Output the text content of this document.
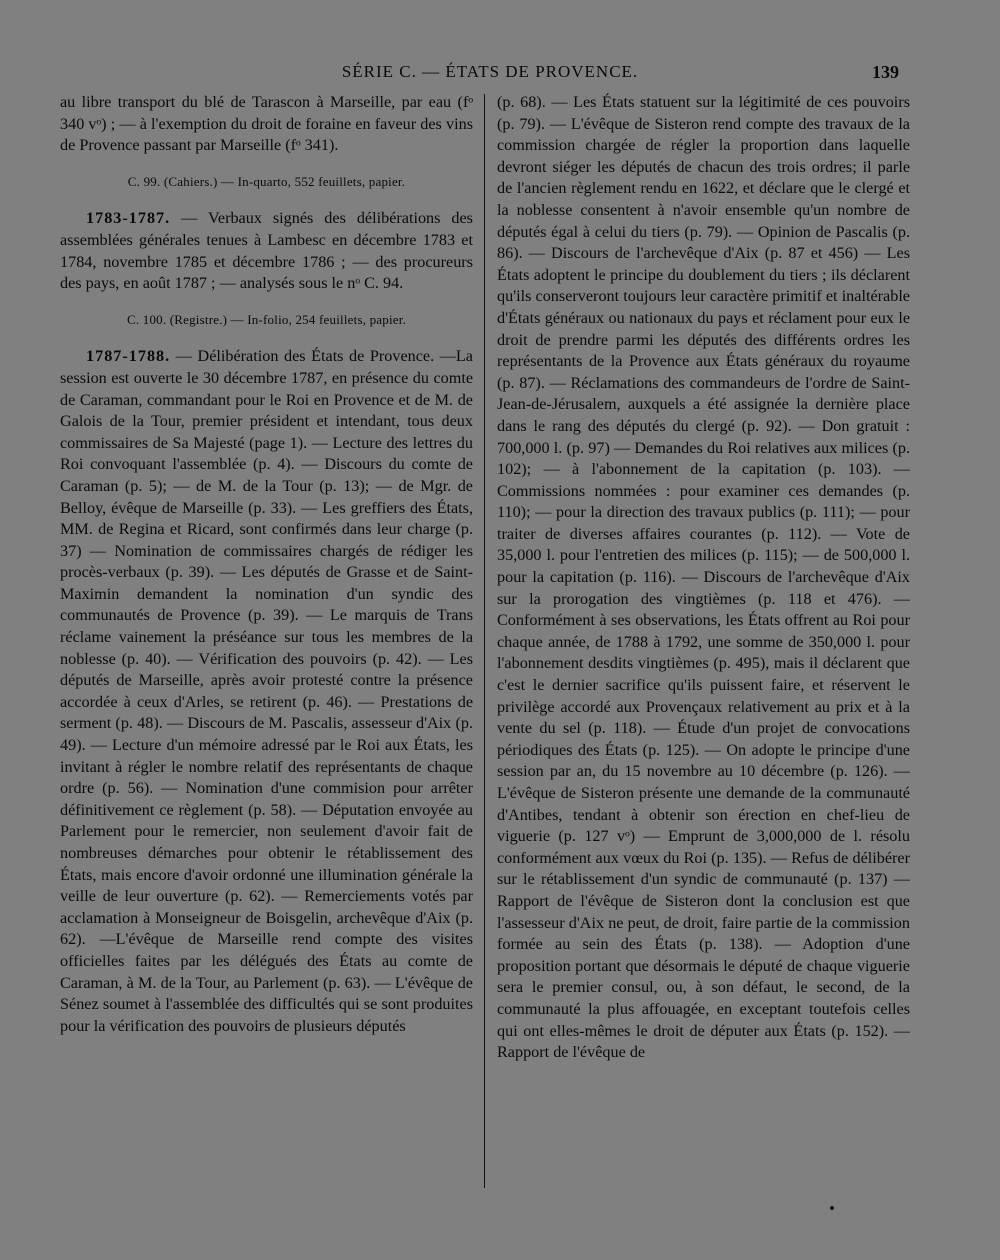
SÉRIE C. — ÉTATS DE PROVENCE.	139

au libre transport du blé de Tarascon à Marseille, par eau (fᵒ 340 vᵒ) ; — à l'exemption du droit de foraine en faveur des vins de Provence passant par Marseille (fᵒ 341).

C. 99. (Cahiers.) — In-quarto, 552 feuillets, papier.

1783-1787. — Verbaux signés des délibérations des assemblées générales tenues à Lambesc en décembre 1783 et 1784, novembre 1785 et décembre 1786 ; — des procureurs des pays, en août 1787 ; — analysés sous le nᵒ C. 94.

C. 100. (Registre.) — In-folio, 254 feuillets, papier.

1787-1788. — Délibération des États de Provence. —La session est ouverte le 30 décembre 1787, en présence du comte de Caraman, commandant pour le Roi en Provence et de M. de Galois de la Tour, premier président et intendant, tous deux commissaires de Sa Majesté (page 1). — Lecture des lettres du Roi convoquant l'assemblée (p. 4). — Discours du comte de Caraman (p. 5); — de M. de la Tour (p. 13); — de Mgr. de Belloy, évêque de Marseille (p. 33). — Les greffiers des États, MM. de Regina et Ricard, sont confirmés dans leur charge (p. 37) — Nomination de commissaires chargés de rédiger les procès-verbaux (p. 39). — Les députés de Grasse et de Saint-Maximin demandent la nomination d'un syndic des communautés de Provence (p. 39). — Le marquis de Trans réclame vainement la préséance sur tous les membres de la noblesse (p. 40). — Vérification des pouvoirs (p. 42). — Les députés de Marseille, après avoir protesté contre la présence accordée à ceux d'Arles, se retirent (p. 46). — Prestations de serment (p. 48). — Discours de M. Pascalis, assesseur d'Aix (p. 49). — Lecture d'un mémoire adressé par le Roi aux États, les invitant à régler le nombre relatif des représentants de chaque ordre (p. 56). — Nomination d'une commision pour arrêter définitivement ce règlement (p. 58). — Députation envoyée au Parlement pour le remercier, non seulement d'avoir fait de nombreuses démarches pour obtenir le rétablissement des États, mais encore d'avoir ordonné une illumination générale la veille de leur ouverture (p. 62). — Remerciements votés par acclamation à Monseigneur de Boisgelin, archevêque d'Aix (p. 62). —L'évêque de Marseille rend compte des visites officielles faites par les délégués des États au comte de Caraman, à M. de la Tour, au Parlement (p. 63). — L'évêque de Sénez soumet à l'assemblée des difficultés qui se sont produites pour la vérification des pouvoirs de plusieurs députés

(p. 68). — Les États statuent sur la légitimité de ces pouvoirs (p. 79). — L'évêque de Sisteron rend compte des travaux de la commission chargée de régler la proportion dans laquelle devront siéger les députés de chacun des trois ordres; il parle de l'ancien règlement rendu en 1622, et déclare que le clergé et la noblesse consentent à n'avoir ensemble qu'un nombre de députés égal à celui du tiers (p. 79). — Opinion de Pascalis (p. 86). — Discours de l'archevêque d'Aix (p. 87 et 456) — Les États adoptent le principe du doublement du tiers ; ils déclarent qu'ils conserveront toujours leur caractère primitif et inaltérable d'États généraux ou nationaux du pays et réclament pour eux le droit de prendre parmi les députés des différents ordres les représentants de la Provence aux États généraux du royaume (p. 87). — Réclamations des commandeurs de l'ordre de Saint-Jean-de-Jérusalem, auxquels a été assignée la dernière place dans le rang des députés du clergé (p. 92). — Don gratuit : 700,000 l. (p. 97) — Demandes du Roi relatives aux milices (p. 102); — à l'abonnement de la capitation (p. 103). — Commissions nommées : pour examiner ces demandes (p. 110); — pour la direction des travaux publics (p. 111); — pour traiter de diverses affaires courantes (p. 112). — Vote de 35,000 l. pour l'entretien des milices (p. 115); — de 500,000 l. pour la capitation (p. 116). — Discours de l'archevêque d'Aix sur la prorogation des vingtièmes (p. 118 et 476). — Conformément à ses observations, les États offrent au Roi pour chaque année, de 1788 à 1792, une somme de 350,000 l. pour l'abonnement desdits vingtièmes (p. 495), mais il déclarent que c'est le dernier sacrifice qu'ils puissent faire, et réservent le privilège accordé aux Provençaux relativement au prix et à la vente du sel (p. 118). — Étude d'un projet de convocations périodiques des États (p. 125). — On adopte le principe d'une session par an, du 15 novembre au 10 décembre (p. 126). — L'évêque de Sisteron présente une demande de la communauté d'Antibes, tendant à obtenir son érection en chef-lieu de viguerie (p. 127 vᵒ) — Emprunt de 3,000,000 de l. résolu conformément aux vœux du Roi (p. 135). — Refus de délibérer sur le rétablissement d'un syndic de communauté (p. 137) — Rapport de l'évêque de Sisteron dont la conclusion est que l'assesseur d'Aix ne peut, de droit, faire partie de la commission formée au sein des États (p. 138). — Adoption d'une proposition portant que désormais le député de chaque viguerie sera le premier consul, ou, à son défaut, le second, de la communauté la plus affouagée, en exceptant toutefois celles qui ont elles-mêmes le droit de députer aux États (p. 152). — Rapport de l'évêque de
